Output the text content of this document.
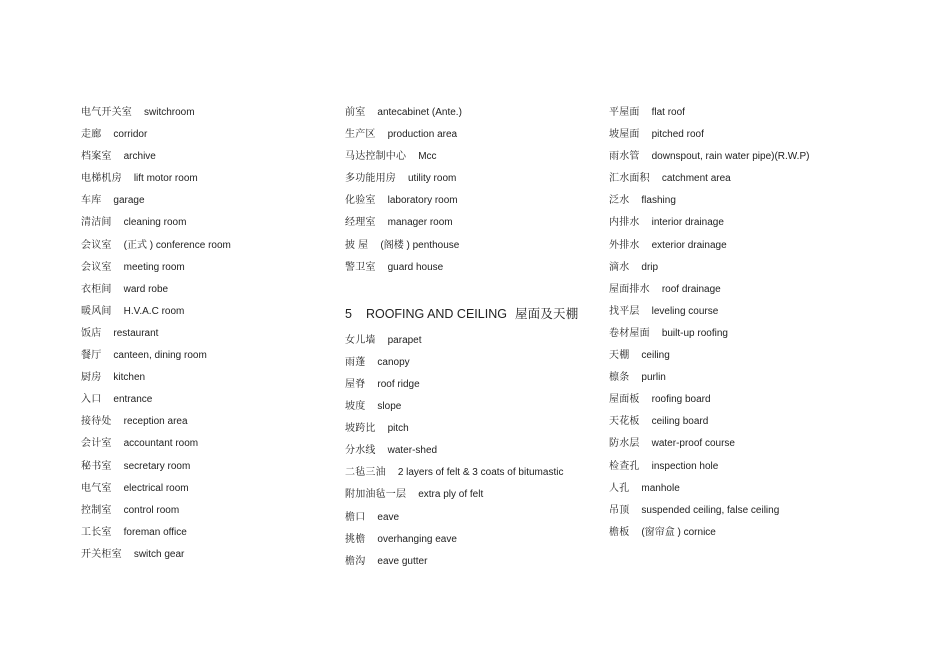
电气开关室 switchroom
走廊 corridor
档案室 archive
电梯机房 lift motor room
车库 garage
清洁间 cleaning room
会议室 (正式 ) conference room
会议室 meeting room
衣柜间 ward robe
暖风间 H.V.A.C room
饭店 restaurant
餐厅 canteen, dining room
厨房 kitchen
入口 entrance
接待处 reception area
会计室 accountant room
秘书室 secretary room
电气室 electrical room
控制室 control room
工长室 foreman office
开关柜室 switch gear
前室 antecabinet (Ante.)
生产区 production area
马达控制中心 Mcc
多功能用房 utility room
化验室 laboratory room
经理室 manager room
披 屋 (阁楼 ) penthouse
警卫室 guard house
5 ROOFING AND CEILING 屋面及天棚
女儿墙 parapet
雨蓬 canopy
屋脊 roof ridge
坡度 slope
坡跨比 pitch
分水线 water-shed
二毡三油 2 layers of felt & 3 coats of bitumastic
附加油毡一层 extra ply of felt
檐口 eave
挑檐 overhanging eave
檐沟 eave gutter
平屋面 flat roof
坡屋面 pitched roof
雨水管 downspout, rain water pipe)(R.W.P)
汇水面积 catchment area
泛水 flashing
内排水 interior drainage
外排水 exterior drainage
滴水 drip
屋面排水 roof drainage
找平层 leveling course
卷材屋面 built-up roofing
天棚 ceiling
檩条 purlin
屋面板 roofing board
天花板 ceiling board
防水层 water-proof course
检查孔 inspection hole
人孔 manhole
吊顶 suspended ceiling, false ceiling
檐板 (窗帘盒 ) cornice
